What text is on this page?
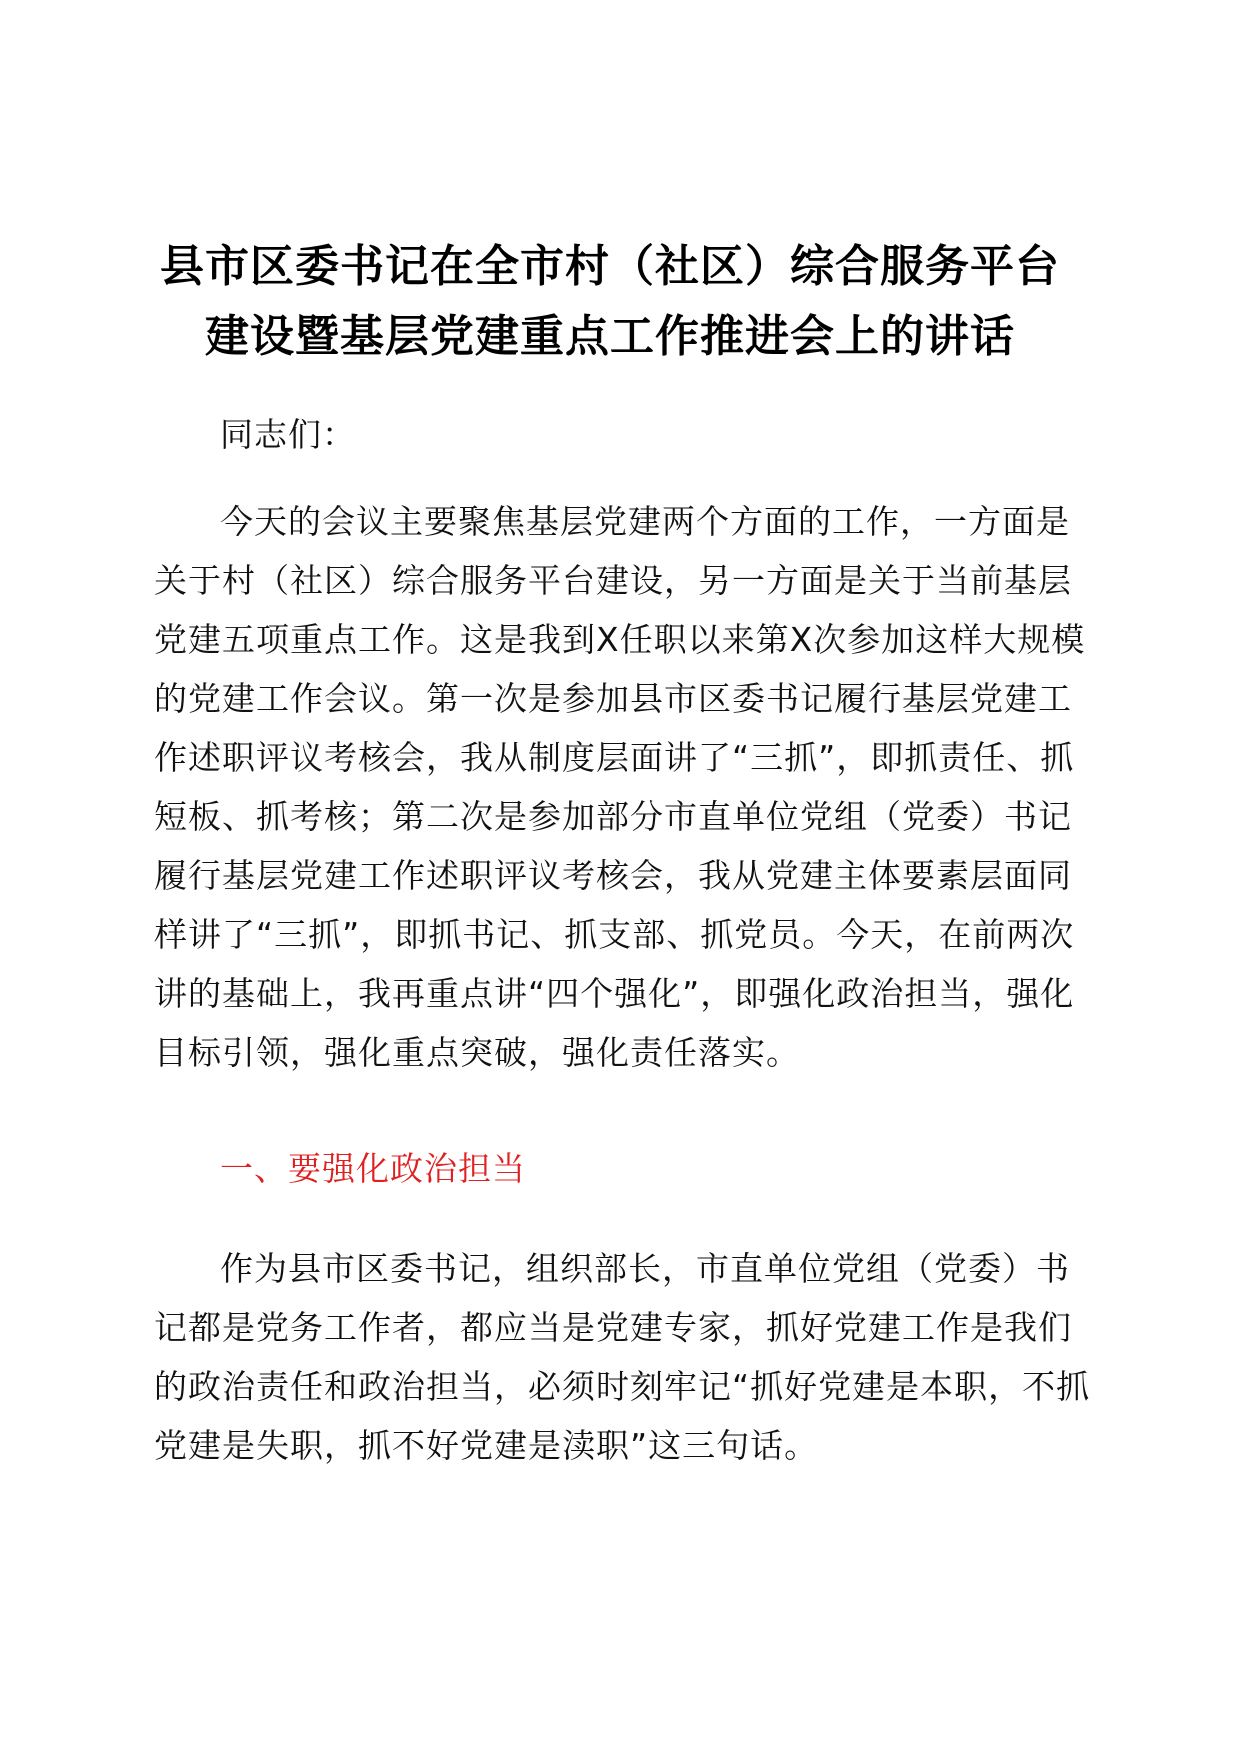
县市区委书记在全市村（社区）综合服务平台
建设暨基层党建重点工作推进会上的讲话

同志们：

今天的会议主要聚焦基层党建两个方面的工作，一方面是关于村（社区）综合服务平台建设，另一方面是关于当前基层党建五项重点工作。这是我到X任职以来第X次参加这样大规模的党建工作会议。第一次是参加县市区委书记履行基层党建工作述职评议考核会，我从制度层面讲了“三抓”，即抓责任、抓短板、抓考核；第二次是参加部分市直单位党组（党委）书记履行基层党建工作述职评议考核会，我从党建主体要素层面同样讲了“三抓”，即抓书记、抓支部、抓党员。今天，在前两次讲的基础上，我再重点讲“四个强化”，即强化政治担当，强化目标引领，强化重点突破，强化责任落实。

一、要强化政治担当

作为县市区委书记，组织部长，市直单位党组（党委）书记都是党务工作者，都应当是党建专家，抓好党建工作是我们的政治责任和政治担当，必须时刻牢记“抓好党建是本职，不抓党建是失职，抓不好党建是渎职”这三句话。
